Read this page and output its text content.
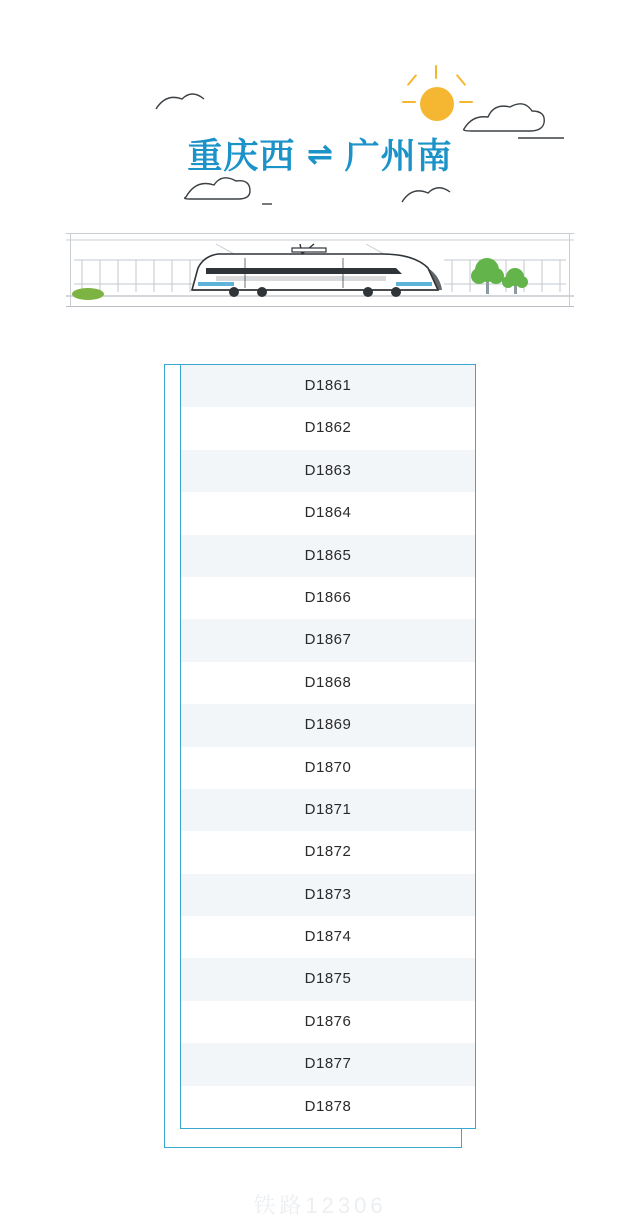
重庆西 ⇌ 广州南
D1861
D1862
D1863
D1864
D1865
D1866
D1867
D1868
D1869
D1870
D1871
D1872
D1873
D1874
D1875
D1876
D1877
D1878
铁路12306
